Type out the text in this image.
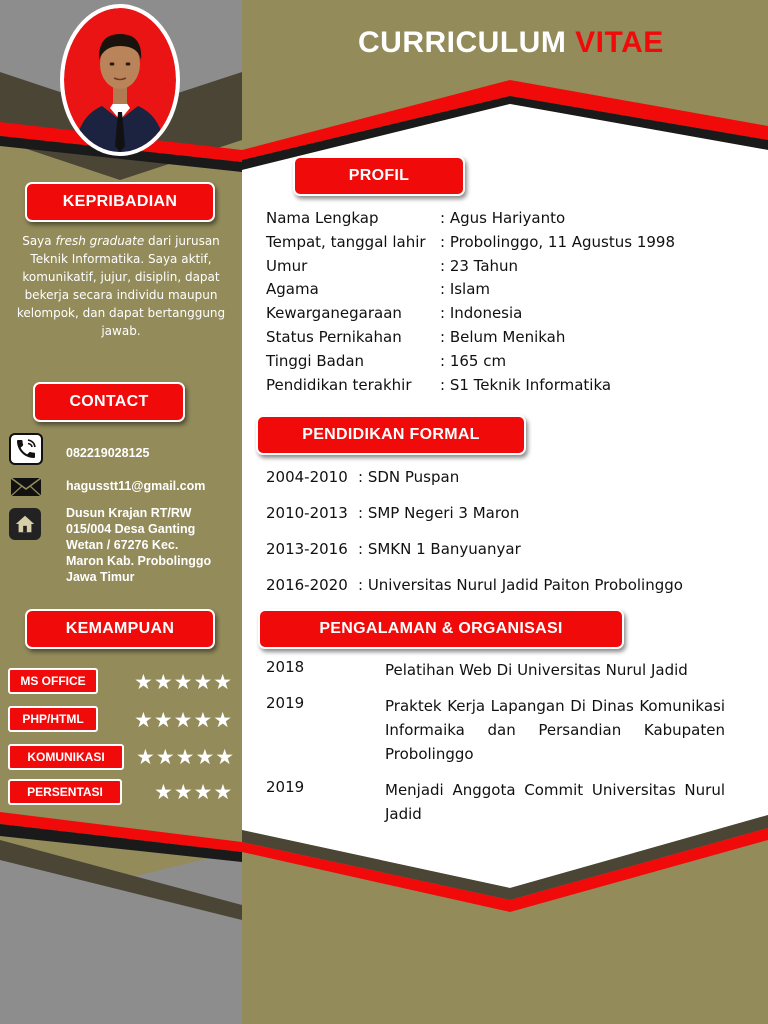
CURRICULUM VITAE
KEPRIBADIAN
Saya fresh graduate dari jurusan Teknik Informatika. Saya aktif, komunikatif, jujur, disiplin, dapat bekerja secara individu maupun kelompok, dan dapat bertanggung jawab.
CONTACT
082219028125
hagusstt11@gmail.com
Dusun Krajan RT/RW 015/004 Desa Ganting Wetan / 67276 Kec. Maron Kab. Probolinggo Jawa Timur
KEMAMPUAN
MS OFFICE	★★★★★
PHP/HTML	★★★★★
KOMUNIKASI	★★★★★
PERSENTASI	★★★★
PROFIL
Nama Lengkap	: Agus Hariyanto
Tempat, tanggal lahir : Probolinggo, 11 Agustus 1998
Umur	: 23 Tahun
Agama	: Islam
Kewarganegaraan	: Indonesia
Status Pernikahan	: Belum Menikah
Tinggi Badan	: 165 cm
Pendidikan terakhir : S1 Teknik Informatika
PENDIDIKAN FORMAL
2004-2010 : SDN Puspan
2010-2013 : SMP Negeri 3 Maron
2013-2016 : SMKN 1 Banyuanyar
2016-2020 : Universitas Nurul Jadid Paiton Probolinggo
PENGALAMAN & ORGANISASI
2018	Pelatihan Web Di Universitas Nurul Jadid
2019	Praktek Kerja Lapangan Di Dinas Komunikasi Informaika dan Persandian Kabupaten Probolinggo
2019	Menjadi Anggota Commit Universitas Nurul Jadid
